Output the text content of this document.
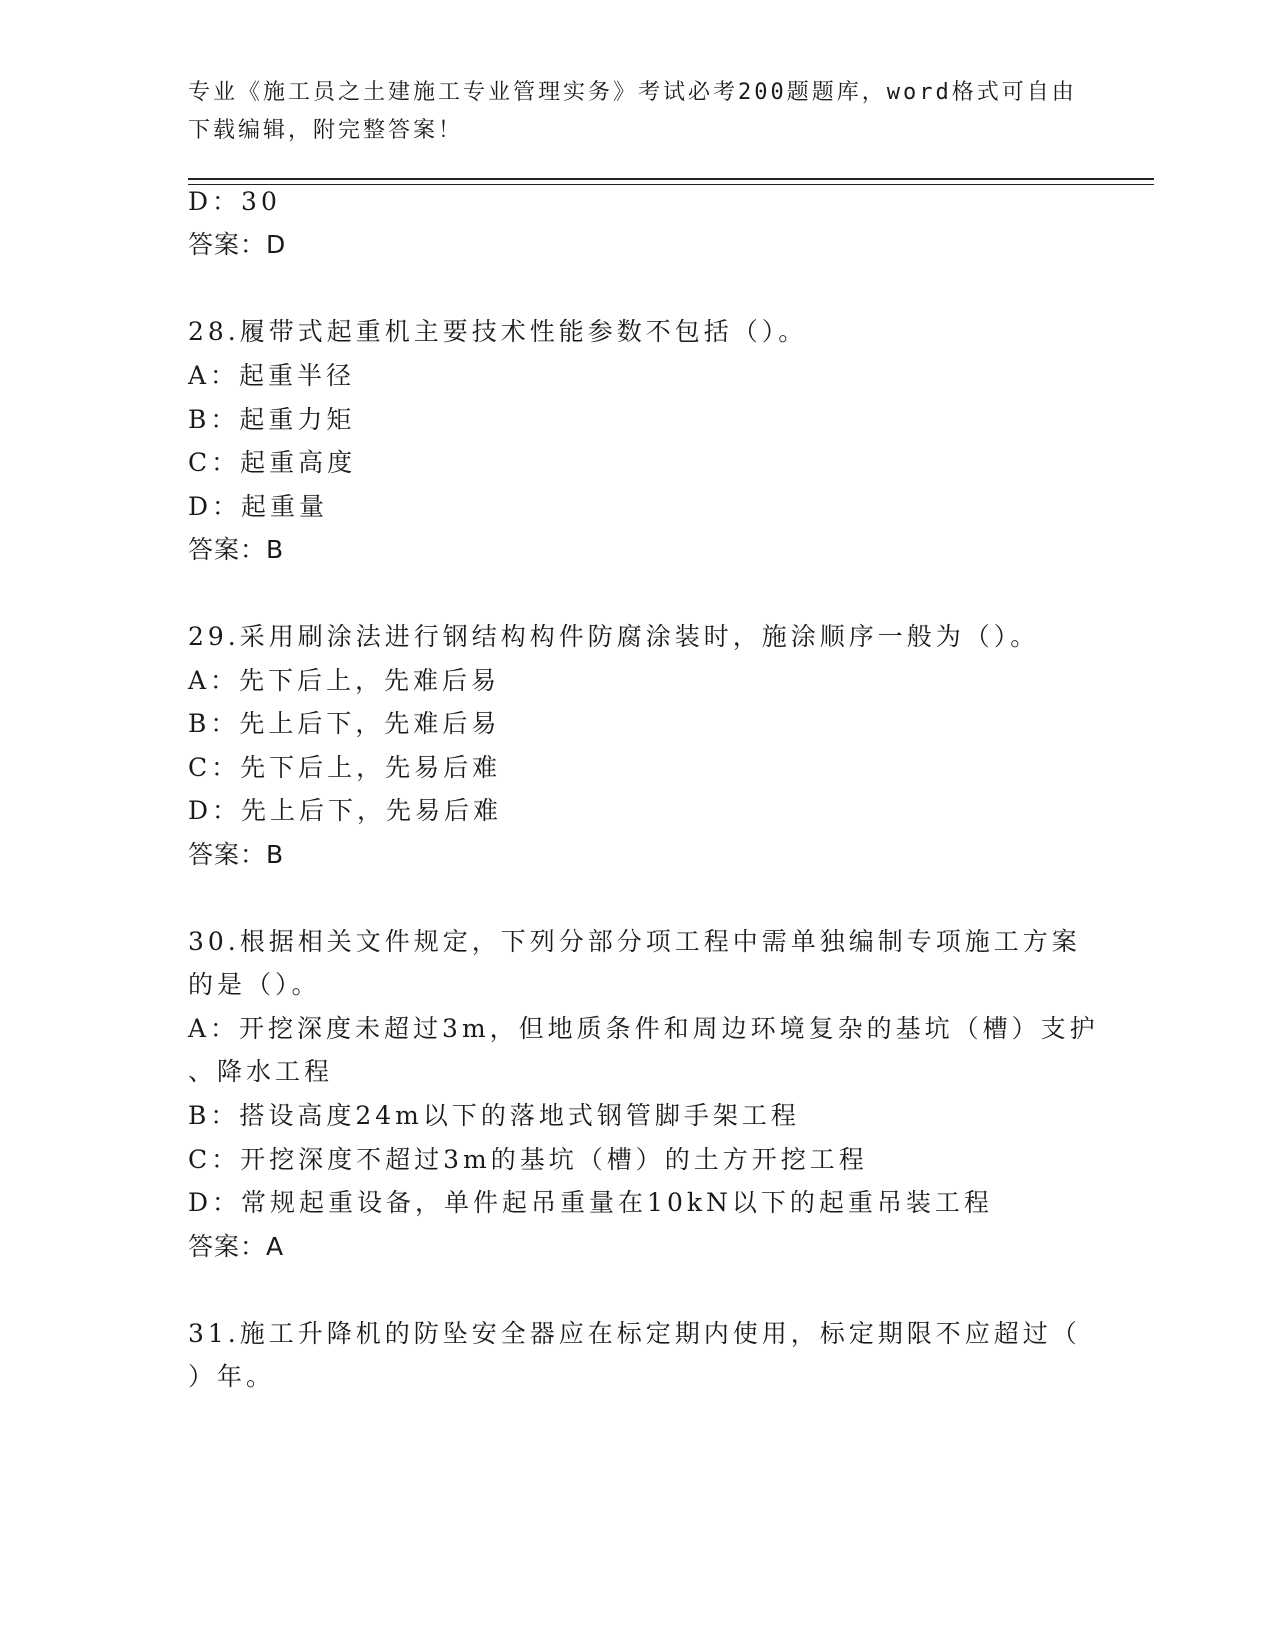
专业《施工员之土建施工专业管理实务》考试必考200题题库，word格式可自由
下载编辑，附完整答案！
D：30
答案：D
28.履带式起重机主要技术性能参数不包括（）。
A：起重半径
B：起重力矩
C：起重高度
D：起重量
答案：B
29.采用刷涂法进行钢结构构件防腐涂装时，施涂顺序一般为（）。
A：先下后上，先难后易
B：先上后下，先难后易
C：先下后上，先易后难
D：先上后下，先易后难
答案：B
30.根据相关文件规定，下列分部分项工程中需单独编制专项施工方案
的是（）。
A：开挖深度未超过3m，但地质条件和周边环境复杂的基坑（槽）支护
、降水工程
B：搭设高度24m以下的落地式钢管脚手架工程
C：开挖深度不超过3m的基坑（槽）的土方开挖工程
D：常规起重设备，单件起吊重量在10kN以下的起重吊装工程
答案：A
31.施工升降机的防坠安全器应在标定期内使用，标定期限不应超过（
）年。
